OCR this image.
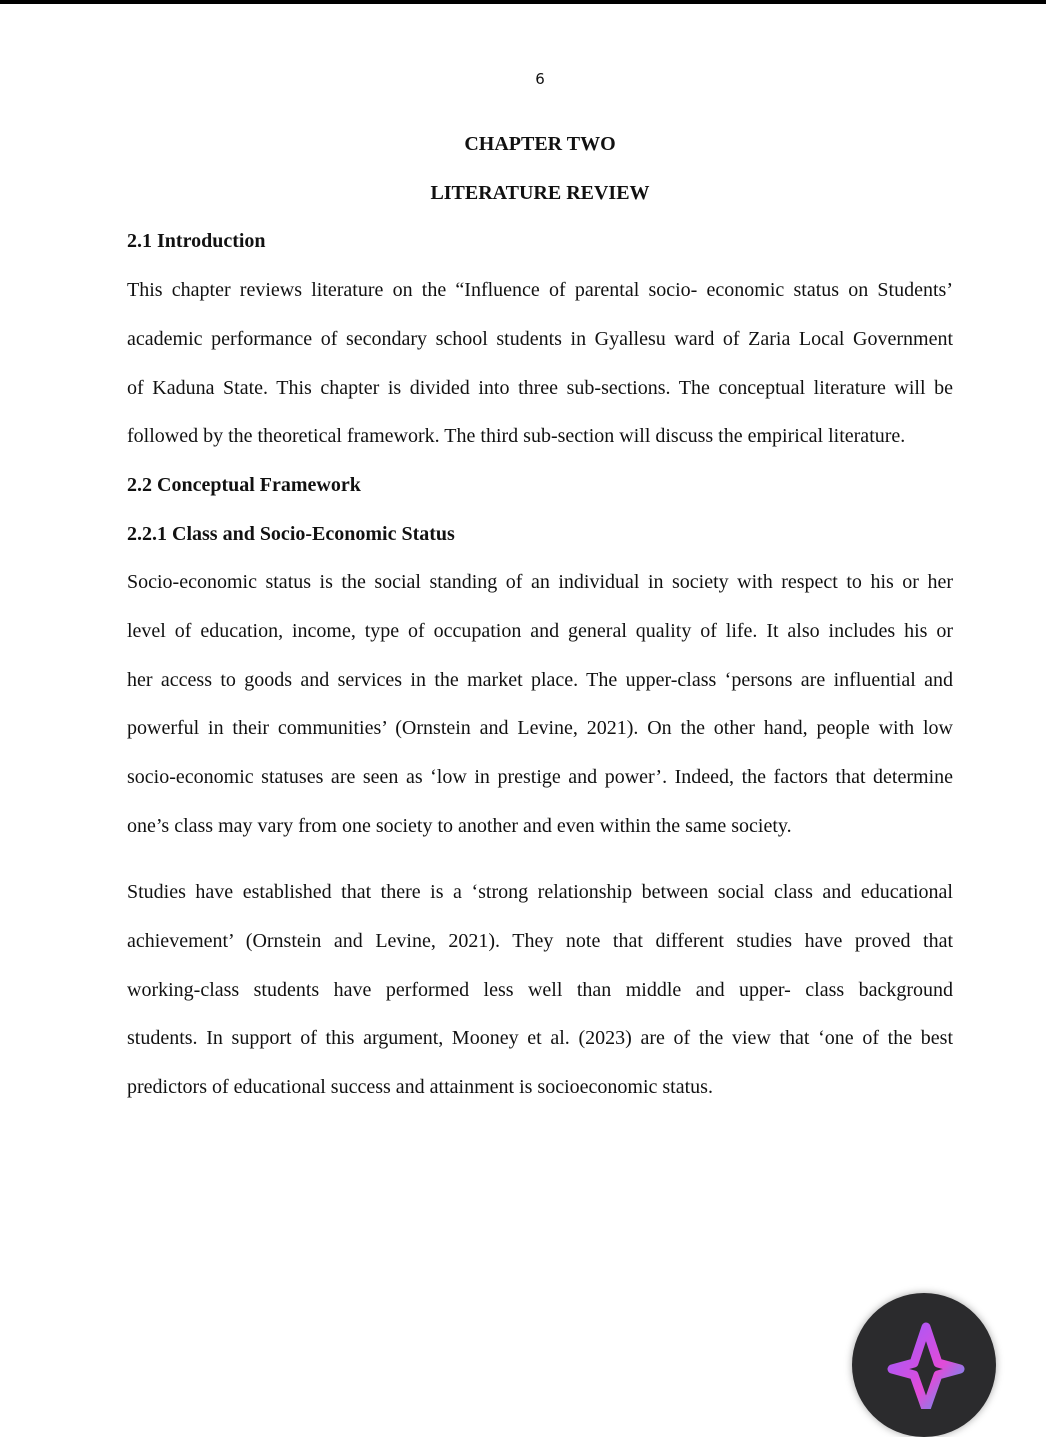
6
CHAPTER TWO
LITERATURE REVIEW
2.1 Introduction
This chapter reviews literature on the “Influence of parental socio- economic status on Students’
academic performance of secondary school students in Gyallesu ward of Zaria Local Government
of Kaduna State. This chapter is divided into three sub-sections. The conceptual literature will be
followed by the theoretical framework. The third sub-section will discuss the empirical literature.
2.2 Conceptual Framework
2.2.1 Class and Socio-Economic Status
Socio-economic status is the social standing of an individual in society with respect to his or her
level of education, income, type of occupation and general quality of life. It also includes his or
her access to goods and services in the market place. The upper-class ‘persons are influential and
powerful in their communities’ (Ornstein and Levine, 2021). On the other hand, people with low
socio-economic statuses are seen as ‘low in prestige and power’. Indeed, the factors that determine
one’s class may vary from one society to another and even within the same society.
Studies have established that there is a ‘strong relationship between social class and educational
achievement’ (Ornstein and Levine, 2021). They note that different studies have proved that
working-class students have performed less well than middle and upper- class background
students. In support of this argument, Mooney et al. (2023) are of the view that ‘one of the best
predictors of educational success and attainment is socioeconomic status.
